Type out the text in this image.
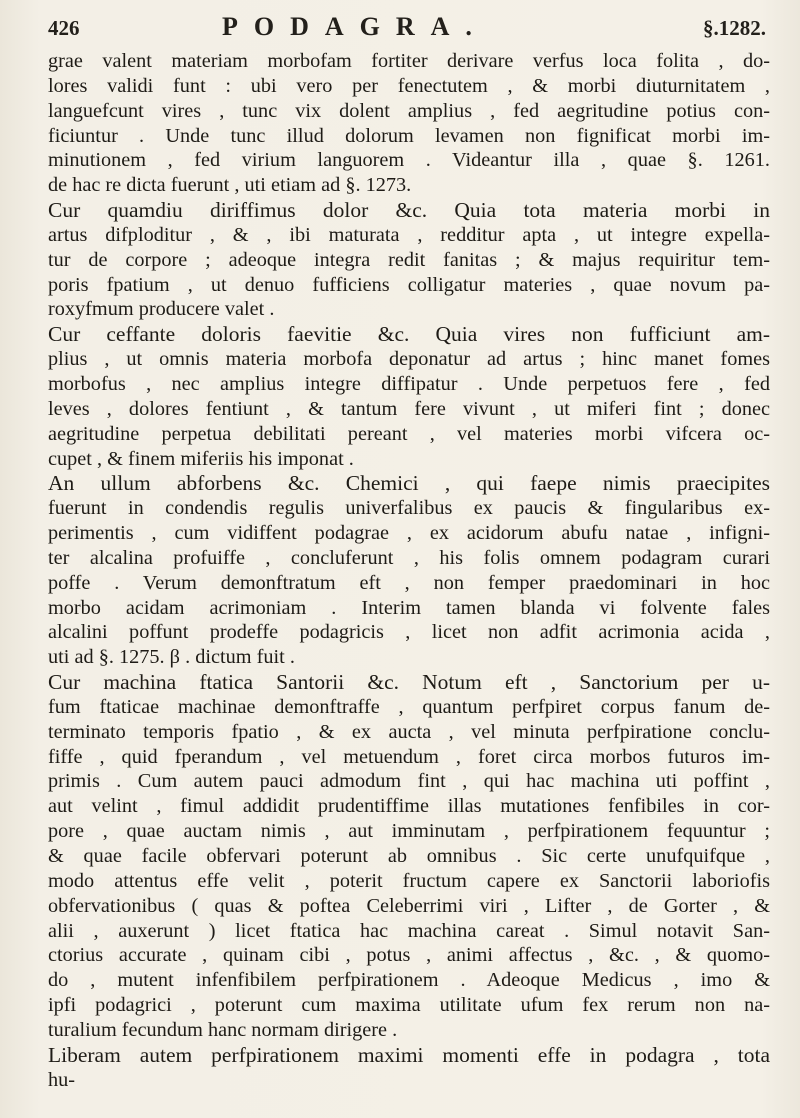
426	PODAGRA.	§.1282.
grae valent materiam morbofam fortiter derivare verfus loca folita , do-
lores validi funt : ubi vero per fenectutem , & morbi diuturnitatem ,
languefcunt vires , tunc vix dolent amplius , fed aegritudine potius con-
ficiuntur . Unde tunc illud dolorum levamen non fignificat morbi im-
minutionem , fed virium languorem . Videantur illa , quae §. 1261.
de hac re dicta fuerunt , uti etiam ad §. 1273.
Cur quamdiu diriffimus dolor &c. Quia tota materia morbi in
artus difploditur , & , ibi maturata , redditur apta , ut integre expella-
tur de corpore ; adeoque integra redit fanitas ; & majus requiritur tem-
poris fpatium , ut denuo fufficiens colligatur materies , quae novum pa-
roxyfmum producere valet .
Cur ceffante doloris faevitie &c. Quia vires non fufficiunt am-
plius , ut omnis materia morbofa deponatur ad artus ; hinc manet fomes
morbofus , nec amplius integre diffipatur . Unde perpetuos fere , fed
leves , dolores fentiunt , & tantum fere vivunt , ut miferi fint ; donec
aegritudine perpetua debilitati pereant , vel materies morbi vifcera oc-
cupet , & finem miferiis his imponat .
An ullum abforbens &c. Chemici , qui faepe nimis praecipites
fuerunt in condendis regulis univerfalibus ex paucis & fingularibus ex-
perimentis , cum vidiffent podagrae , ex acidorum abufu natae , infigni-
ter alcalina profuiffe , concluferunt , his folis omnem podagram curari
poffe . Verum demonftratum eft , non femper praedominari in hoc
morbo acidam acrimoniam . Interim tamen blanda vi folvente fales
alcalini poffunt prodeffe podagricis , licet non adfit acrimonia acida ,
uti ad §. 1275. β . dictum fuit .
Cur machina ftatica Santorii &c. Notum eft , Sanctorium per u-
fum ftaticae machinae demonftraffe , quantum perfpiret corpus fanum de-
terminato temporis fpatio , & ex aucta , vel minuta perfpiratione conclu-
fiffe , quid fperandum , vel metuendum , foret circa morbos futuros im-
primis . Cum autem pauci admodum fint , qui hac machina uti poffint ,
aut velint , fimul addidit prudentiffime illas mutationes fenfibiles in cor-
pore , quae auctam nimis , aut imminutam , perfpirationem fequuntur ;
& quae facile obfervari poterunt ab omnibus . Sic certe unufquifque ,
modo attentus effe velit , poterit fructum capere ex Sanctorii laboriofis
obfervationibus ( quas & poftea Celeberrimi viri , Lifter , de Gorter , &
alii , auxerunt ) licet ftatica hac machina careat . Simul notavit San-
ctorius accurate , quinam cibi , potus , animi affectus , &c. , & quomo-
do , mutent infenfibilem perfpirationem . Adeoque Medicus , imo &
ipfi podagrici , poterunt cum maxima utilitate ufum fex rerum non na-
turalium fecundum hanc normam dirigere .
Liberam autem perfpirationem maximi momenti effe in podagra , tota
hu-
